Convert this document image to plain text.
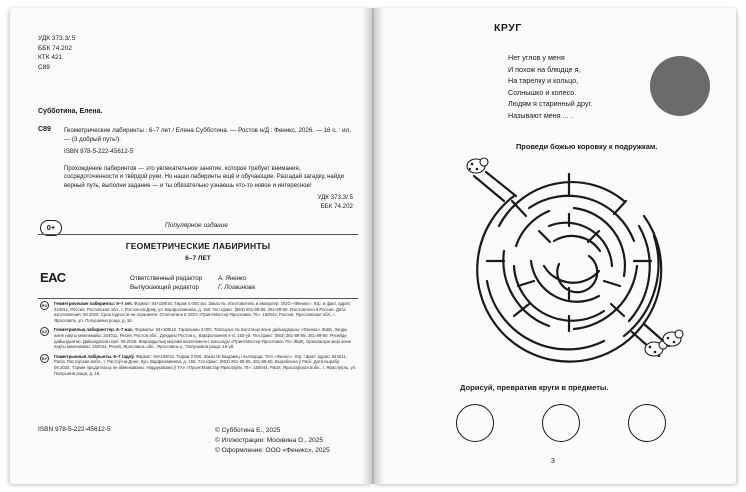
УДК 373.3/.5
ББК 74.202
КТК 421
С89
Субботина, Елена.
С89 Геометрические лабиринты : 6–7 лет / Елена Субботина. — Ростов н/Д : Феникс, 2026. — 16 с. : ил. — (3 добрый путь!).
ISBN 978-5-222-45612-5
Прохождение лабиринтов — это увлекательное занятие, которое требует внимания, сосредоточенности и твёрдой руки. Но наши лабиринты ещё и обучающие. Разгадай загадку, найди верный путь, выполни задание — и ты обязательно узнаешь что-то новое и интересное!
УДК 373.3/.5
ББК 74.202
0+	Популярное издание
ГЕОМЕТРИЧЕСКИЕ ЛАБИРИНТЫ
6–7 ЛЕТ
ЕАС	Ответственный редактор	А. Яненко
Выпускающий редактор	Г. Логвинова
RU	Геометрические лабиринты: 6–7 лет. Формат: 84×108/16. Тираж 3 000 экз. Заказ №. Изготовитель и импортер: ООО «Феникс». Юр. и факт. адрес: 344011, Россия, Ростовская обл., г. Ростов-на-Дону, ул. Варфоломеева, д. 150. Тел./факс: (863) 261-89-65, 261-89-50. Изготовлено в России. Дата изготовления: 08.2025. Срок годности не ограничен. Отпечатано в ООО «ПринтМастер-Ярославль 76». 150044, Россия, Ярославская обл., г. Ярославль, ул. Полушкина роща, д. 16.
KZ	Геометриялық лабиринттер. 6–7 жас. Форматы: 84×108/16. Таралымы 3 000. Тапсырыс № Болтағыр және дайындаушы: «Феникс» ЖШҚ. Заңды және нақты мекенжайы: 344011, Ресей, Ростов обл., Дондағы Ростов қ., Варфоломеев к-сі, 150-үй. Тел./факс: (863) 261-89-65, 261-89-50. Ресейде дайындалған. Дайындалған күні: 08.2025. Жарамдылық мерзімі шектелмеген. Басылды «ПринтМастер-Ярославль 76» ЖШҚ. Орналасқан жері және нақты мекенжайы: 150044, Ресей, Ярославль обл., Ярославль қ., Полушкина роща, 16-үй.
BY	Геаметрычныя лабірынты. 6–7 гадоў. Фармат: 84×108/16. Тыраж 3 000. Заказ № Выдавец і вытворца: ТАА «Фенікс». Юр. і факт. адрас: 344011, Расія, Растоўская вобл., г. Растоў-на-Доне, вул. Варфаламеева, д. 150. Тэл./факс: (863) 261-89-65, 261-89-50. Выраблена ў Расіі. Дата вырабу: 08.2025. Тэрмін прыдатнасці не абмежаваны. Надрукавана ў ТАА «ПрынтМайстар-Яраслаўль 76». 150044, Расія, Яраслаўская вобл., г. Яраслаўль, ул. Палушкіна роща, д. 16.
ISBN 978-5-222-45612-5	© Субботина Е., 2025
© Иллюстрации: Москвина О., 2025
© Оформление: ООО «Феникс», 2025
КРУГ
Нет углов у меня
И похож на блюдце я,
На тарелку и кольцо,
Солнышко и колесо.
Людям я старинный друг.
Называют меня ... .
Проведи божью коровку к подружкам.
Дорисуй, превратив круги в предметы.
3
